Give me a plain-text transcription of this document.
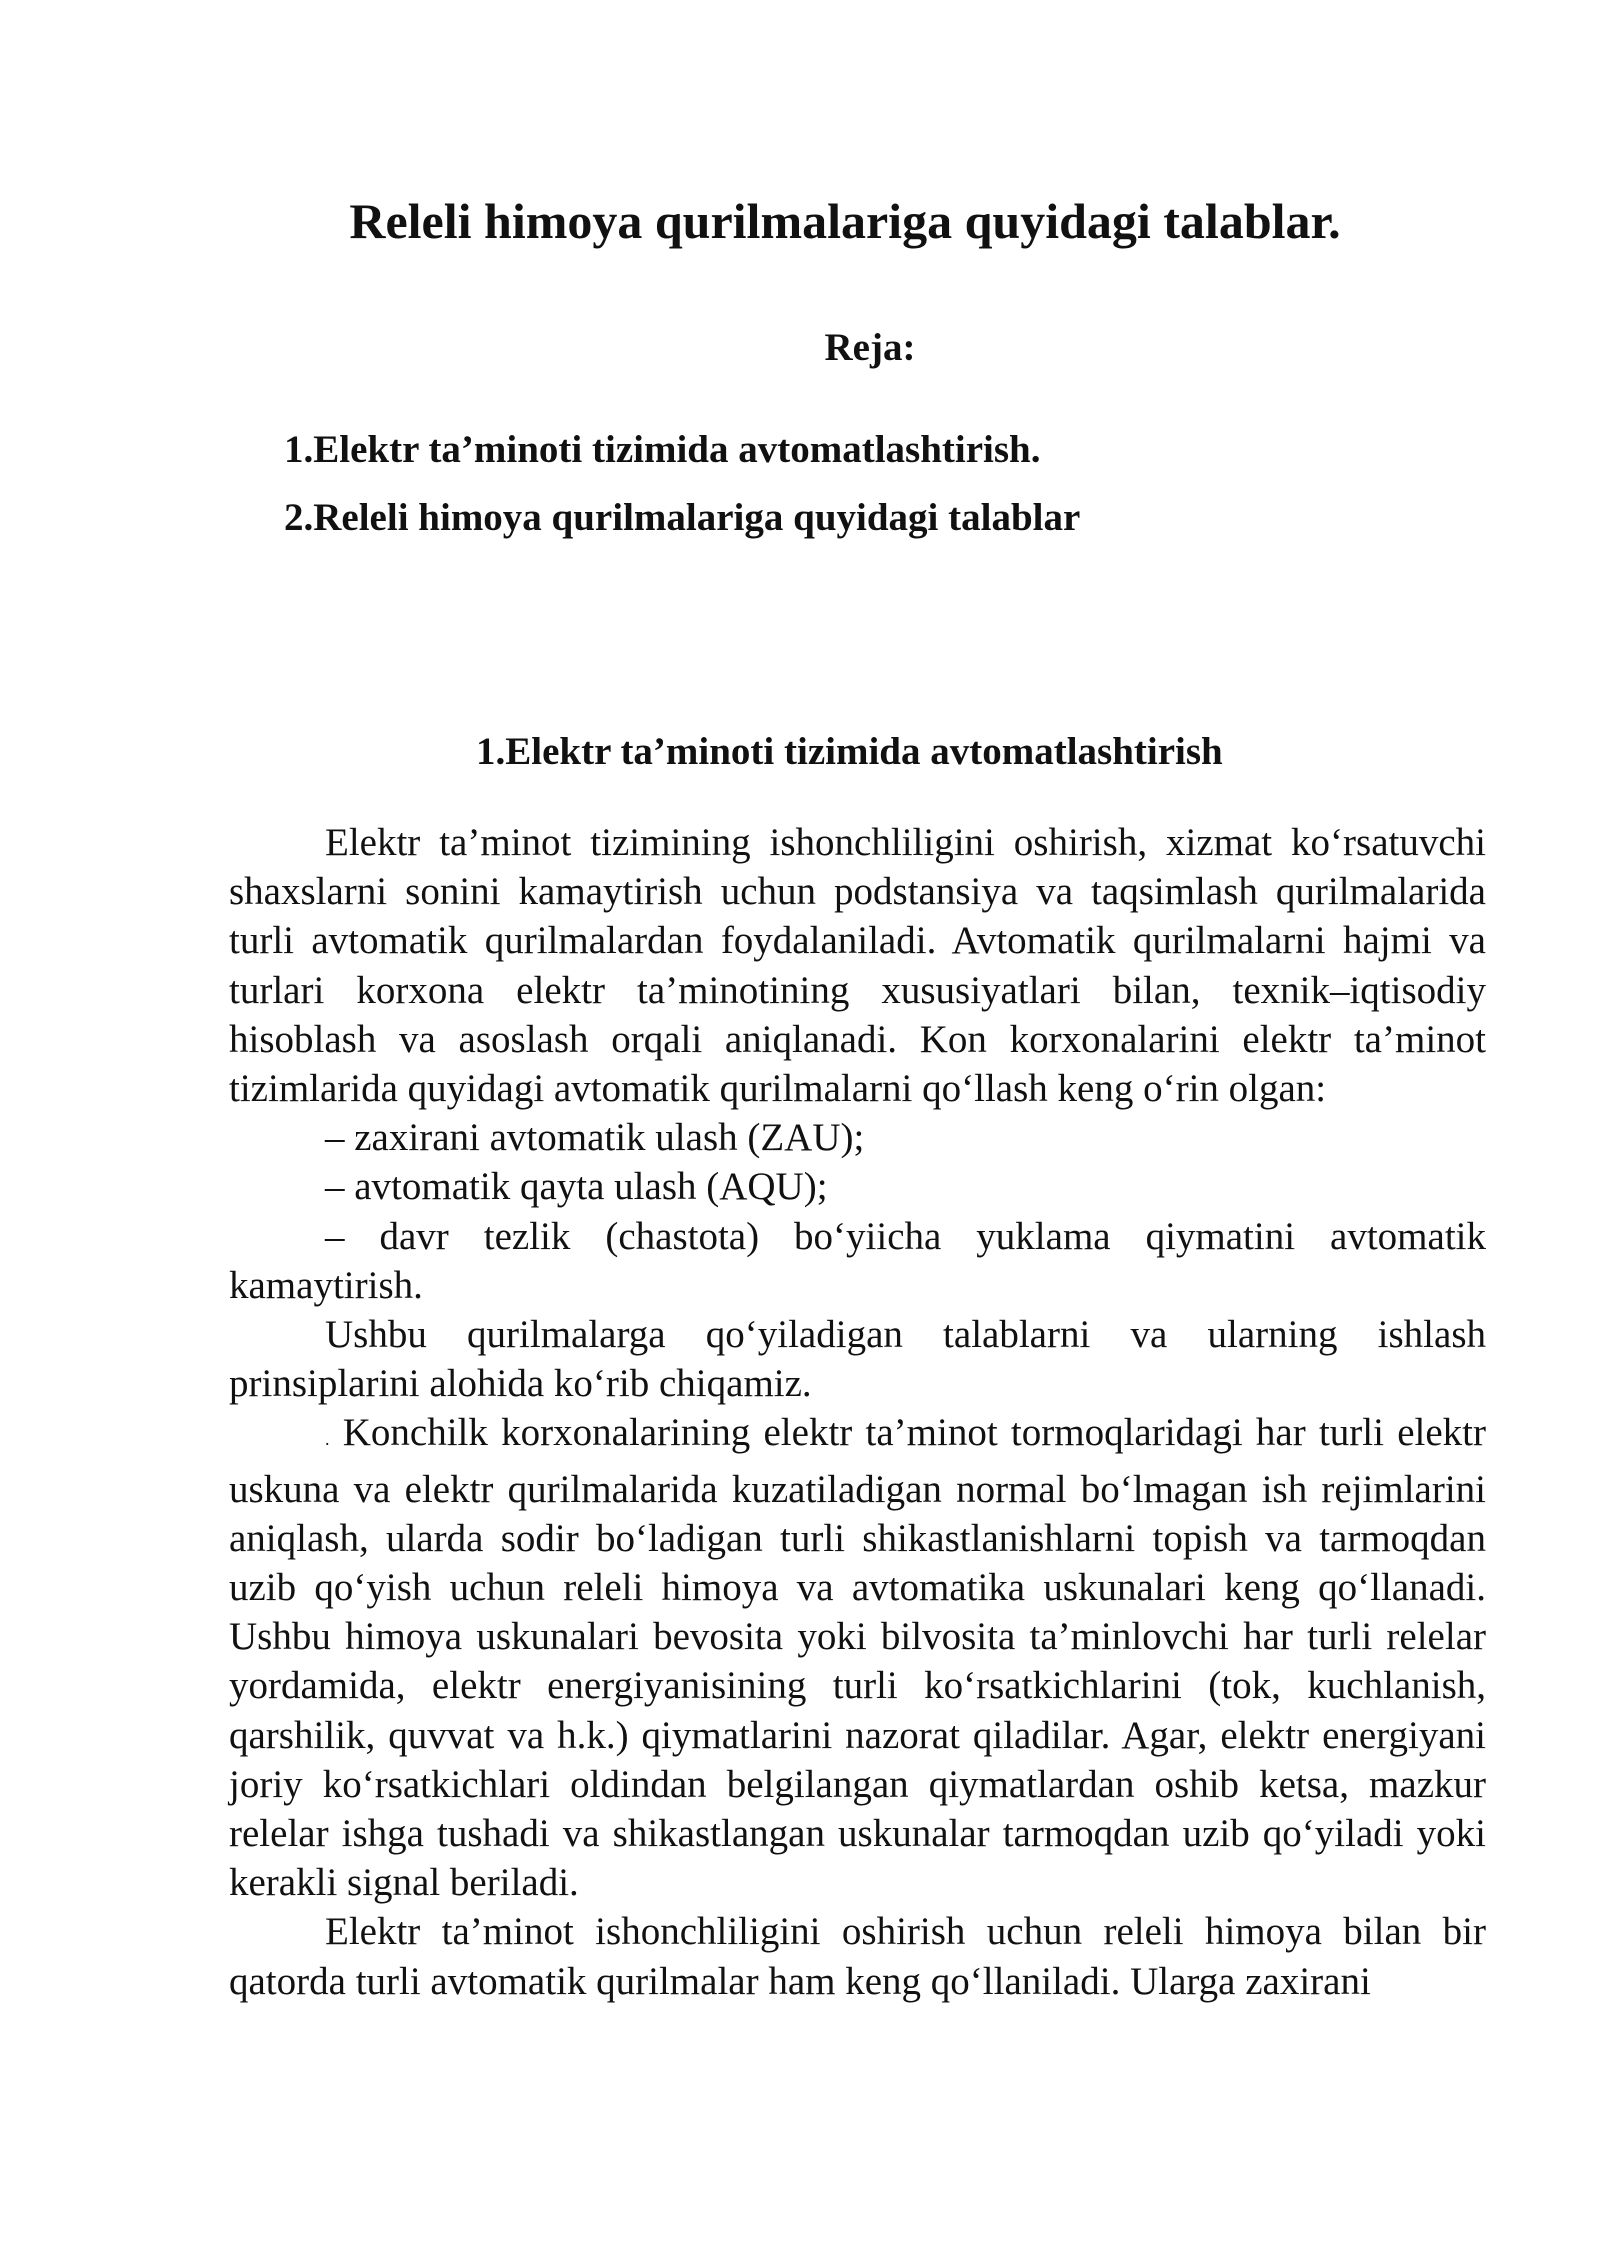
Releli himoya qurilmalariga quyidagi talablar.
Reja:
1.Elektr ta’minoti tizimida avtomatlashtirish.
2.Releli himoya qurilmalariga quyidagi talablar
1.Elektr ta’minoti tizimida avtomatlashtirish

Elektr ta’minot tizimining ishonchliligini oshirish, xizmat ko‘rsatuvchi shaxslarni sonini kamaytirish uchun podstansiya va taqsimlash qurilmalarida turli avtomatik qurilmalardan foydalaniladi. Avtomatik qurilmalarni hajmi va turlari korxona elektr ta’minotining xususiyatlari bilan, texnik–iqtisodiy hisoblash va asoslash orqali aniqlanadi. Kon korxonalarini elektr ta’minot tizimlarida quyidagi avtomatik qurilmalarni qo‘llash keng o‘rin olgan:

– zaxirani avtomatik ulash (ZAU);

– avtomatik qayta ulash (AQU);

– davr tezlik (chastota) bo‘yiicha yuklama qiymatini avtomatik kamaytirish.

Ushbu qurilmalarga qo‘yiladigan talablarni va ularning ishlash prinsiplarini alohida ko‘rib chiqamiz.

. Konchilk korxonalarining elektr ta’minot tormoqlaridagi har turli elektr uskuna va elektr qurilmalarida kuzatiladigan normal bo‘lmagan ish rejimlarini aniqlash, ularda sodir bo‘ladigan turli shikastlanishlarni topish va tarmoqdan uzib qo‘yish uchun releli himoya va avtomatika uskunalari keng qo‘llanadi. Ushbu himoya uskunalari bevosita yoki bilvosita ta’minlovchi har turli relelar yordamida, elektr energiyanisining turli ko‘rsatkichlarini (tok, kuchlanish, qarshilik, quvvat va h.k.) qiymatlarini nazorat qiladilar. Agar, elektr energiyani joriy ko‘rsatkichlari oldindan belgilangan qiymatlardan oshib ketsa, mazkur relelar ishga tushadi va shikastlangan uskunalar tarmoqdan uzib qo‘yiladi yoki kerakli signal beriladi.

Elektr ta’minot ishonchliligini oshirish uchun releli himoya bilan bir qatorda turli avtomatik qurilmalar ham keng qo‘llaniladi. Ularga zaxirani
